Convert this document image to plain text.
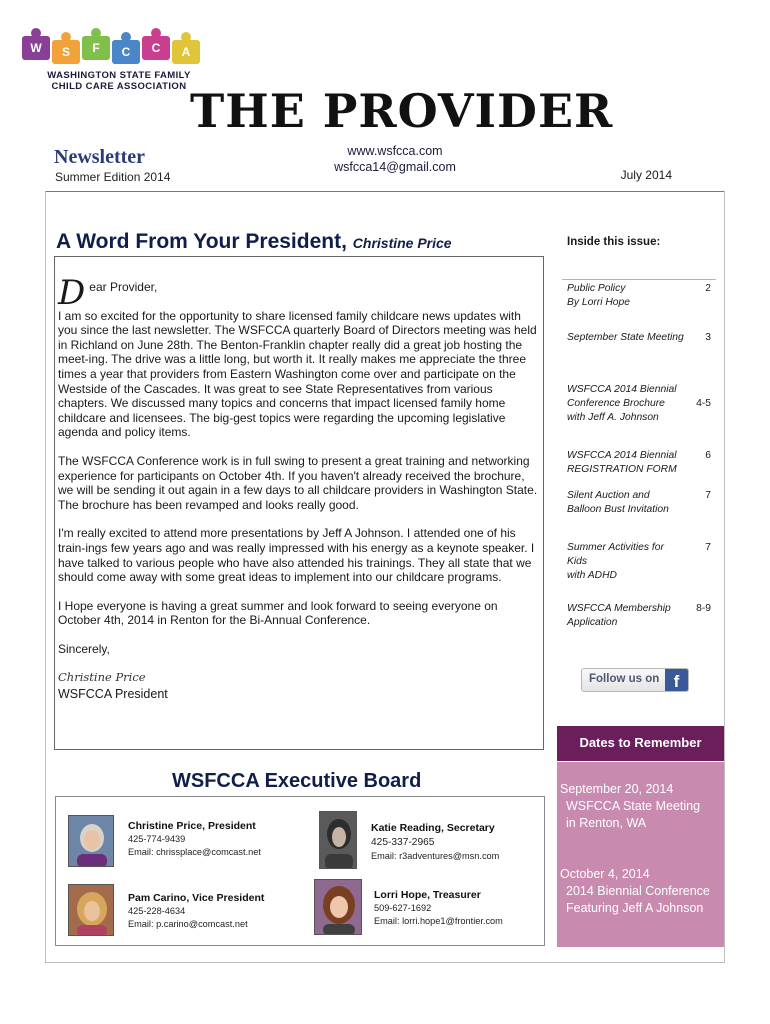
W S F C C A
WASHINGTON STATE FAMILY
CHILD CARE ASSOCIATION THE PROVIDER
Newsletter
Summer Edition 2014
www.wsfcca.com
wsfcca14@gmail.com
July 2014
A Word From Your President, Christine Price

Dear Provider,

I am so excited for the opportunity to share licensed family childcare news updates with you since the last newsletter. The WSFCCA quarterly Board of Directors meeting was held in Richland on June 28th. The Benton-Franklin chapter really did a great job hosting the meet-ing. The drive was a little long, but worth it. It really makes me appreciate the three times a year that providers from Eastern Washington come over and participate on the Westside of the Cascades. It was great to see State Representatives from various chapters. We discussed many topics and concerns that impact licensed family home childcare and licensees. The big-gest topics were regarding the upcoming legislative agenda and policy items.

The WSFCCA Conference work is in full swing to present a great training and networking experience for participants on October 4th. If you haven't already received the brochure, we will be sending it out again in a few days to all childcare providers in Washington State. The brochure has been revamped and looks really good.

I'm really excited to attend more presentations by Jeff A Johnson. I attended one of his train-ings few years ago and was really impressed with his energy as a keynote speaker. I have talked to various people who have also attended his trainings. They all state that we should come away with some great ideas to implement into our childcare programs.

I Hope everyone is having a great summer and look forward to seeing everyone on October 4th, 2014 in Renton for the Bi-Annual Conference.

Sincerely,

Christine Price

WSFCCA President

Inside this issue:
Public Policy
By Lorri Hope2
September State Meeting 3
WSFCCA 2014 Biennial
Conference Brochure
with Jeff A. Johnson4-5
WSFCCA 2014 Biennial
REGISTRATION FORM6
Silent Auction and
Balloon Bust Invitation7
Summer Activities for Kids
with ADHD7
WSFCCA Membership
Application8-9
Follow us on f
Dates to Remember
September 20, 2014
WSFCCA State Meeting
in Renton, WA
October 4, 2014
2014 Biennial Conference
Featuring Jeff A Johnson
WSFCCA Executive Board
Christine Price, President
425-774-9439
Email: chrissplace@comcast.net
Katie Reading, Secretary
425-337-2965
Email: r3adventures@msn.com
Pam Carino, Vice President
425-228-4634
Email: p.carino@comcast.net
Lorri Hope, Treasurer
509-627-1692
Email: lorri.hope1@frontier.com
